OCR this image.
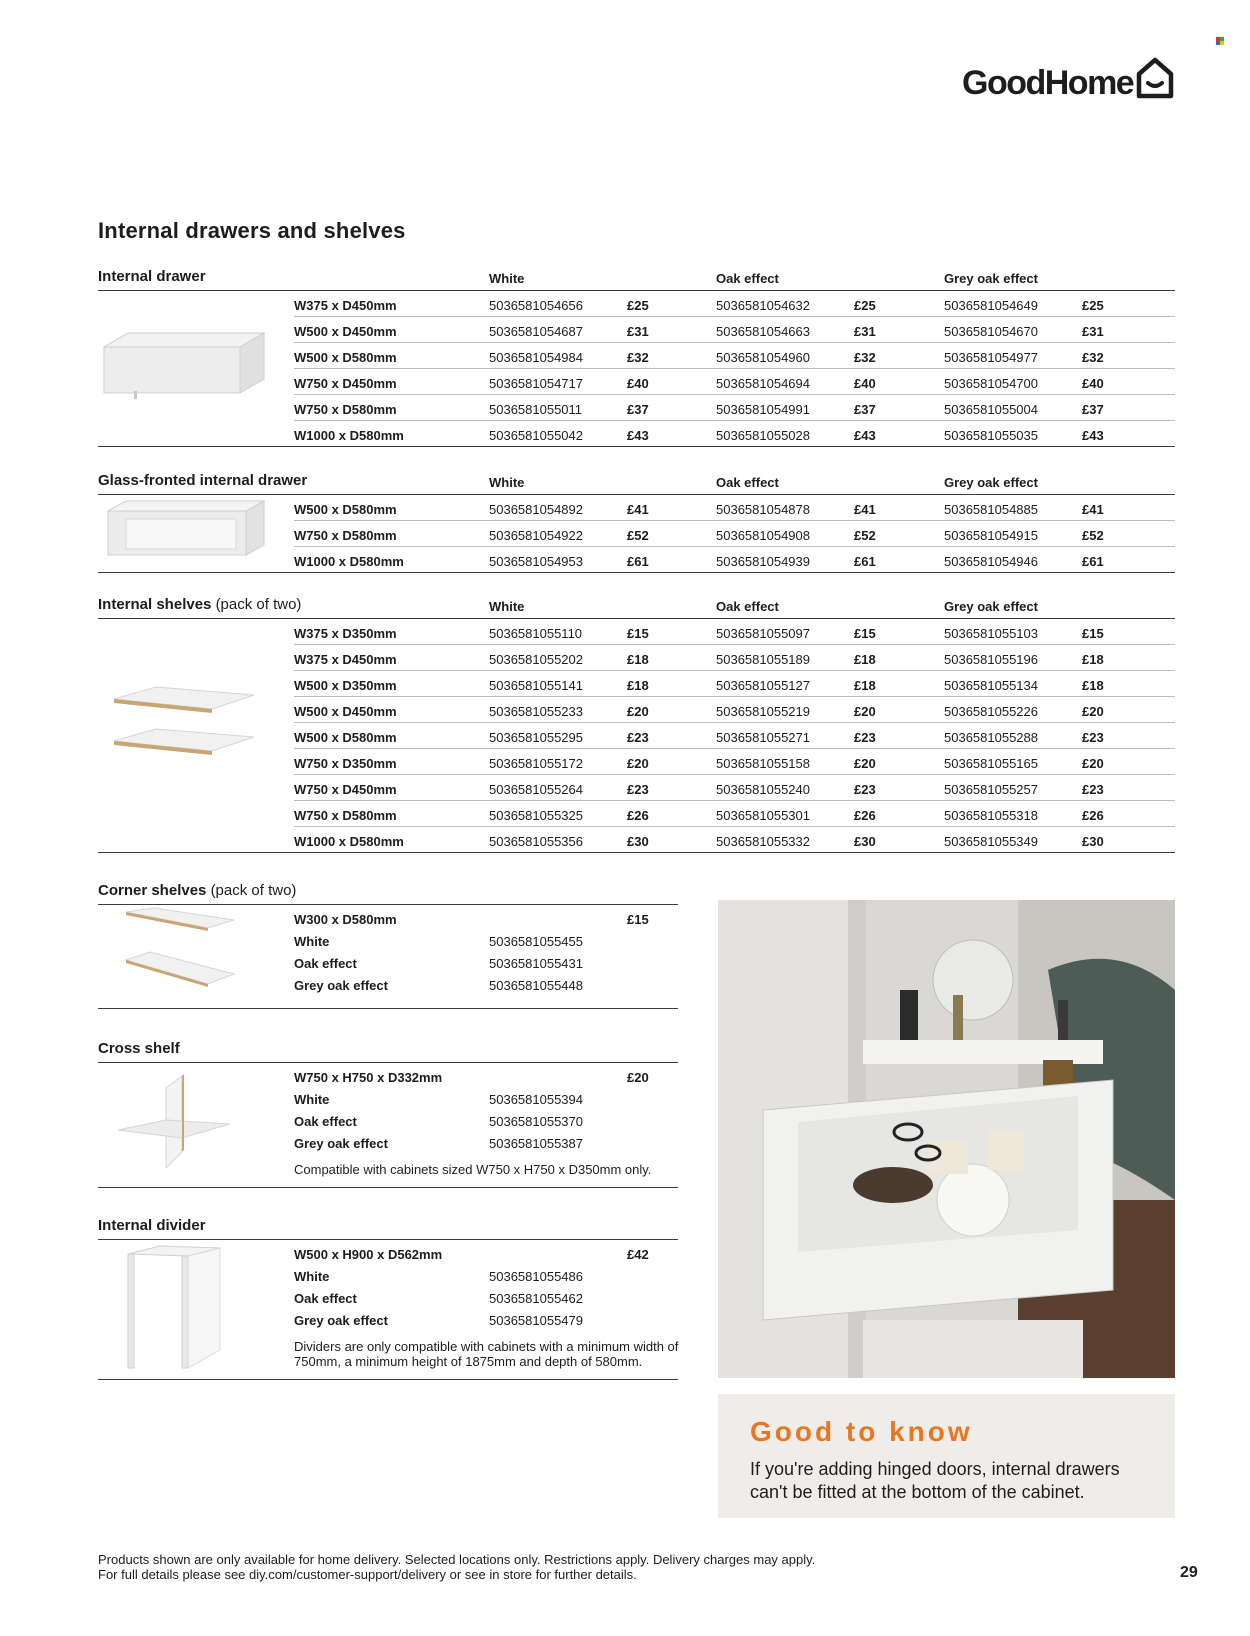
GoodHome
Internal drawers and shelves
Internal drawer
Glass-fronted internal drawer
Internal shelves (pack of two)
White	Oak effect	Grey oak effect
White	Oak effect	Grey oak effect
White	Oak effect	Grey oak effect
W375 x D450mm	5036581054656	£25	5036581054632	£25	5036581054649	£25
W500 x D450mm	5036581054687	£31	5036581054663	£31	5036581054670	£31
W500 x D580mm	5036581054984	£32	5036581054960	£32	5036581054977	£32
W750 x D450mm	5036581054717	£40	5036581054694	£40	5036581054700	£40
W750 x D580mm	5036581055011	£37	5036581054991	£37	5036581055004	£37
W1000 x D580mm	5036581055042	£43	5036581055028	£43	5036581055035	£43
W500 x D580mm	5036581054892	£41	5036581054878	£41	5036581054885	£41
W750 x D580mm	5036581054922	£52	5036581054908	£52	5036581054915	£52
W1000 x D580mm	5036581054953	£61	5036581054939	£61	5036581054946	£61
W375 x D350mm	5036581055110	£15	5036581055097	£15	5036581055103	£15
W375 x D450mm	5036581055202	£18	5036581055189	£18	5036581055196	£18
W500 x D350mm	5036581055141	£18	5036581055127	£18	5036581055134	£18
W500 x D450mm	5036581055233	£20	5036581055219	£20	5036581055226	£20
W500 x D580mm	5036581055295	£23	5036581055271	£23	5036581055288	£23
W750 x D350mm	5036581055172	£20	5036581055158	£20	5036581055165	£20
W750 x D450mm	5036581055264	£23	5036581055240	£23	5036581055257	£23
W750 x D580mm	5036581055325	£26	5036581055301	£26	5036581055318	£26
W1000 x D580mm	5036581055356	£30	5036581055332	£30	5036581055349	£30
Corner shelves (pack of two)
W300 x D580mm	£15
White	5036581055455
Oak effect	5036581055431
Grey oak effect	5036581055448
Cross shelf
W750 x H750 x D332mm	£20
White	5036581055394
Oak effect	5036581055370
Grey oak effect	5036581055387
Compatible with cabinets sized W750 x H750 x D350mm only.
Internal divider
W500 x H900 x D562mm	£42
White	5036581055486
Oak effect	5036581055462
Grey oak effect	5036581055479
Dividers are only compatible with cabinets with a minimum width of 750mm, a minimum height of 1875mm and depth of 580mm.
Good to know
If you're adding hinged doors, internal drawers can't be fitted at the bottom of the cabinet.
Products shown are only available for home delivery. Selected locations only. Restrictions apply. Delivery charges may apply.
For full details please see diy.com/customer-support/delivery or see in store for further details.	29
